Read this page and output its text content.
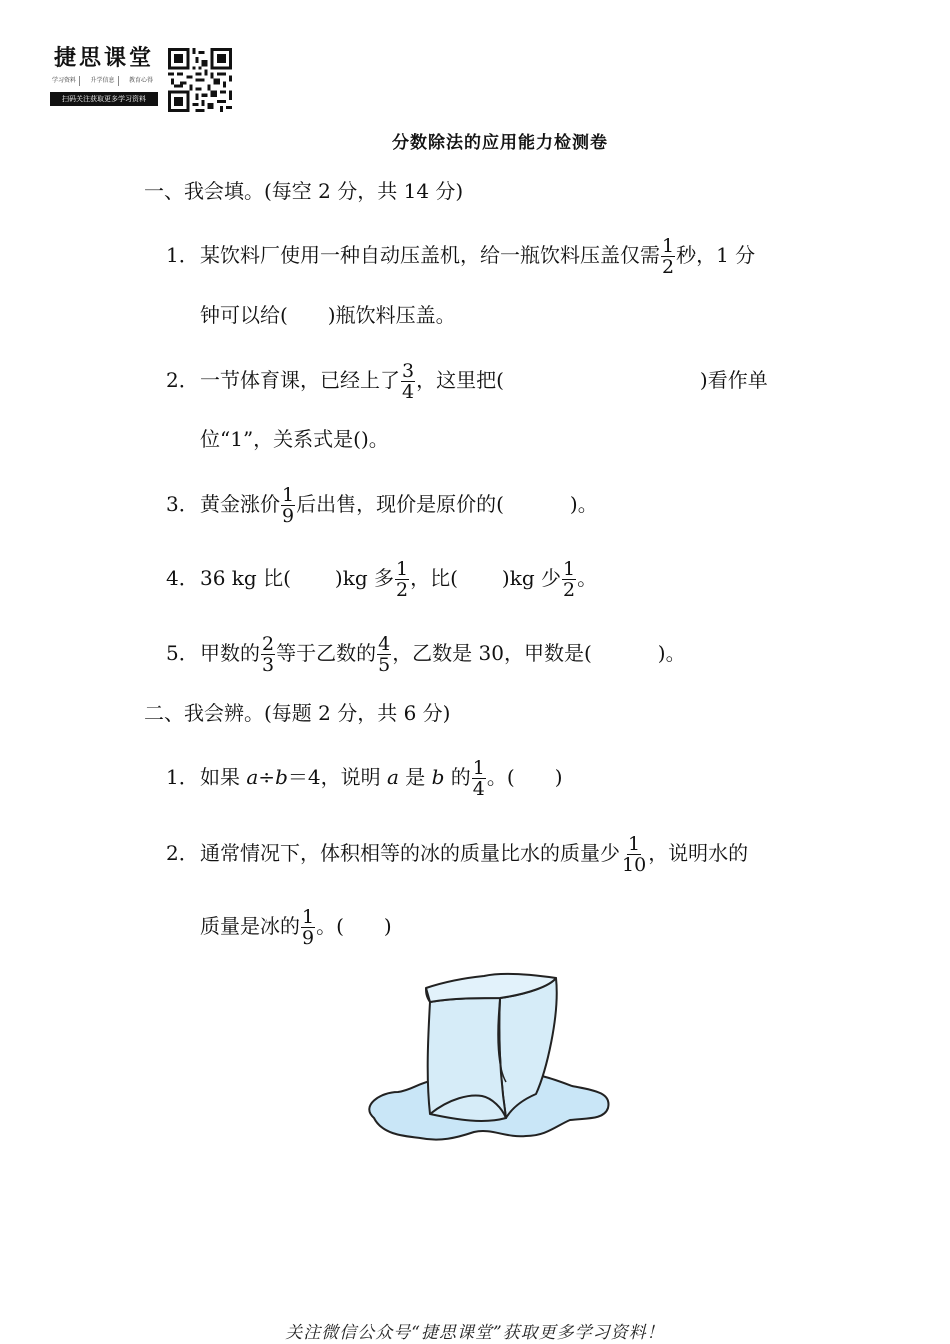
捷思课堂
学习资料	升学信息	教育心得
扫码关注获取更多学习资料
分数除法的应用能力检测卷
一、我会填。(每空 2 分，共 14 分)
1．某饮料厂使用一种自动压盖机，给一瓶饮料压盖仅需 $\frac{1}{2}$ 秒，1 分
钟可以给(　　)瓶饮料压盖。
2．一节体育课，已经上了 $\frac{3}{4}$ ，这里把(	)看作单
位“1”，关系式是()。
3．黄金涨价 $\frac{1}{9}$ 后出售，现价是原价的(	)。
4．36 kg 比( )kg 多 $\frac{1}{2}$ ，比( )kg 少 $\frac{1}{2}$ 。
5．甲数的 $\frac{2}{3}$ 等于乙数的 $\frac{4}{5}$ ，乙数是 30，甲数是(	)。
二、我会辨。(每题 2 分，共 6 分)
1．如果 a÷b＝4，说明 a 是 b 的 $\frac{1}{4}$ 。(　　)
2．通常情况下，体积相等的冰的质量比水的质量少 $\frac{1}{10}$ ，说明水的
质量是冰的 $\frac{1}{9}$ 。(　　)
关注微信公众号“捷思课堂”获取更多学习资料！
